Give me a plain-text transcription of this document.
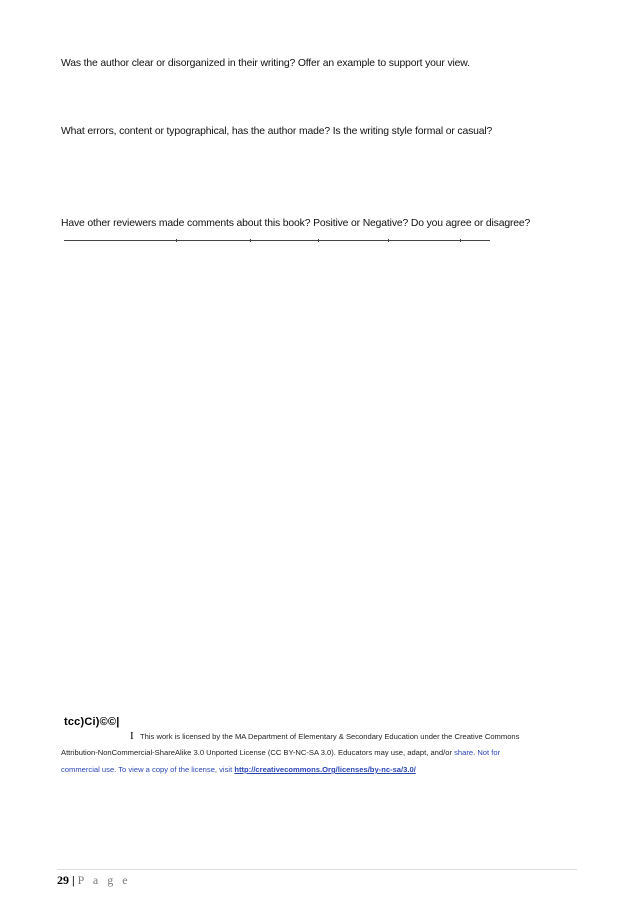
Was the author clear or disorganized in their writing? Offer an example to support your view.
What errors, content or typographical, has the author made? Is the writing style formal or casual?
Have other reviewers made comments about this book? Positive or Negative? Do you agree or disagree?
tcc)Ci)©©|
I This work is licensed by the MA Department of Elementary & Secondary Education under the Creative Commons
Attribution-NonCommercial-ShareAlike 3.0 Unported License (CC BY-NC-SA 3.0). Educators may use, adapt, and/or share. Not for
commercial use. To view a copy of the license, visit http://creativecommons.Org/licenses/by-nc-sa/3.0/
29 | P a g e
